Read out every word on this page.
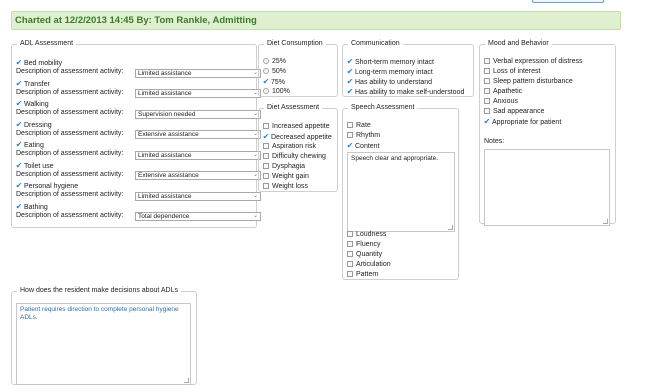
Charted at 12/2/2013 14:45 By: Tom Rankle, Admitting
ADL Assessment
✔ Bed mobility
Description of assessment activity:	Limited assistance	⌄
✔ Transfer
Description of assessment activity:	Limited assistance	⌄
✔ Walking
Description of assessment activity:	Supervision needed	⌄
✔ Dressing
Description of assessment activity:	Extensive assistance	⌄
✔ Eating
Description of assessment activity:	Limited assistance	⌄
✔ Toilet use
Description of assessment activity:	Extensive assistance	⌄
✔ Personal hygiene
Description of assessment activity:	Limited assistance	⌄
✔ Bathing
Description of assessment activity:	Total dependence	⌄
Diet Consumption
25%
50%
✔ 75%
100%
Diet Assessment
Increased appetite
✔ Decreased appetite
Aspiration risk
Difficulty chewing
Dysphagia
Weight gain
Weight loss
Communication
✔ Short-term memory intact
✔ Long-term memory intact
✔ Has ability to understand
✔ Has ability to make self-understood
Speech Assessment
Rate
Rhythm
✔ Content
Speech clear and appropriate.
Loudness
Fluency
Quantity
Articulation
Pattern
Mood and Behavior
Verbal expression of distress
Loss of interest
Sleep pattern disturbance
Apathetic
Anxious
Sad appearance
✔ Appropriate for patient
Notes:
How does the resident make decisions about ADLs
Patient requires direction to complete personal hygiene ADLs.
